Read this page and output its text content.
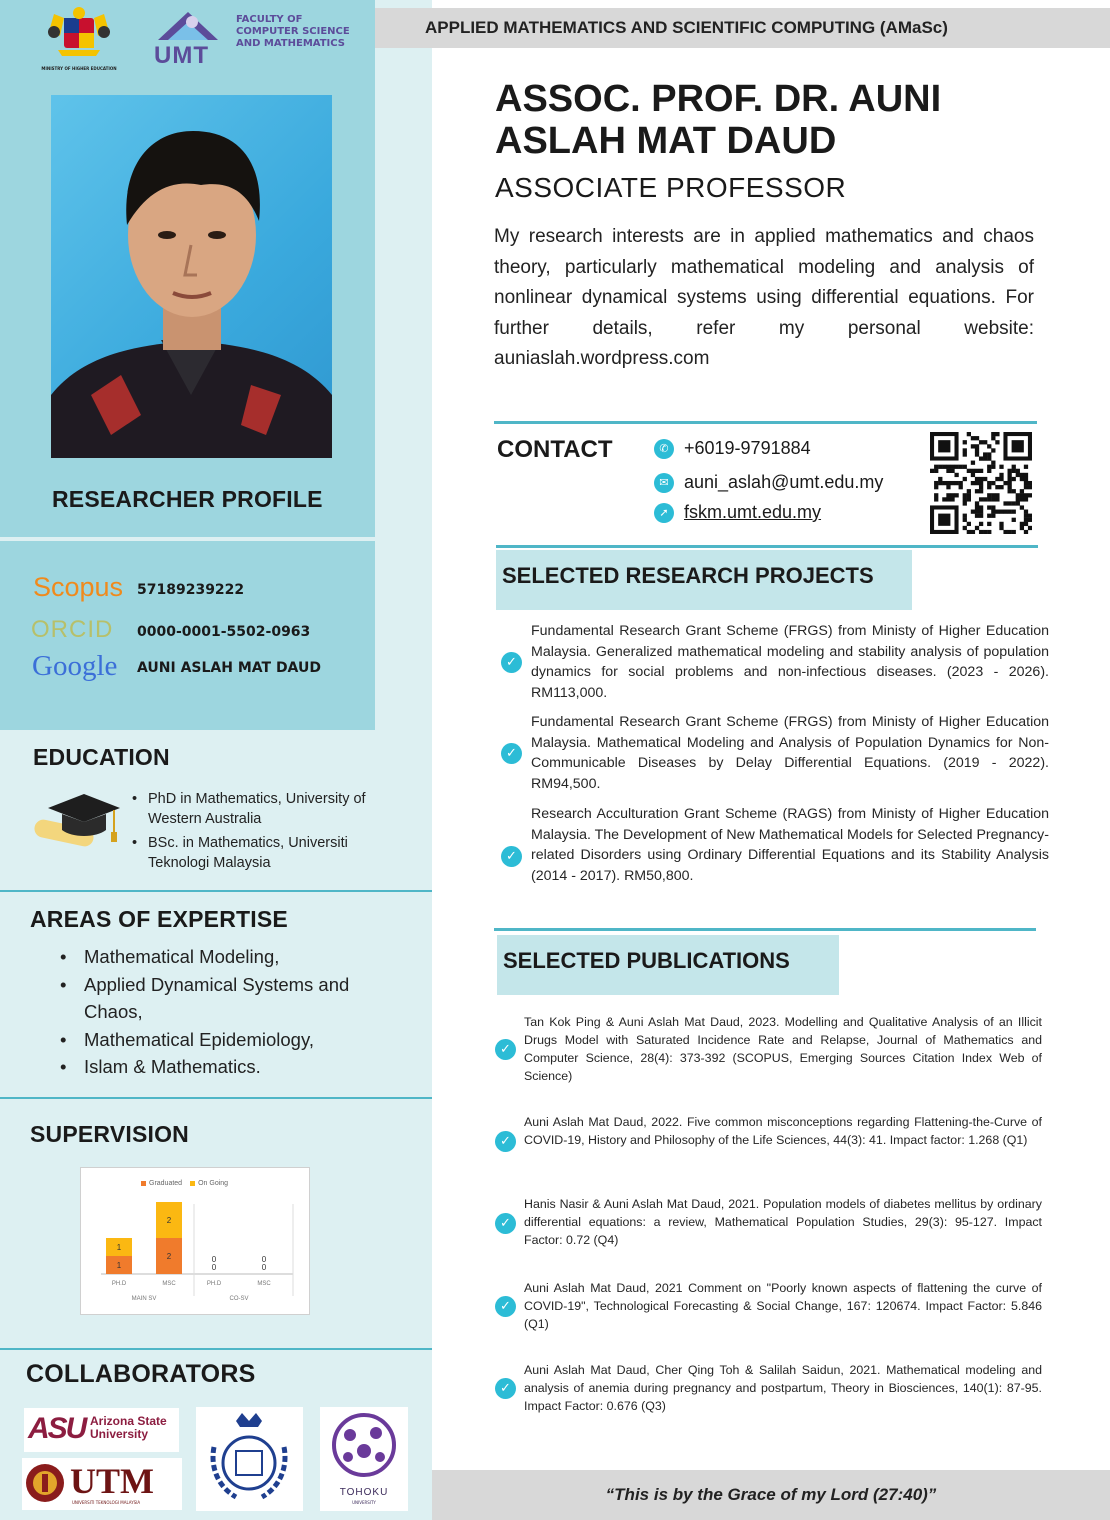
MINISTRY OF HIGHER EDUCATION UMT
FACULTY OF
COMPUTER SCIENCE
AND MATHEMATICS
RESEARCHER PROFILE
Scopus 57189239222
ORCID 0000-0001-5502-0963
Google AUNI ASLAH MAT DAUD
EDUCATION
• PhD in Mathematics, University of Western Australia
• BSc. in Mathematics, Universiti Teknologi Malaysia
AREAS OF EXPERTISE
• Mathematical Modeling,
• Applied Dynamical Systems and Chaos,
• Mathematical Epidemiology,
• Islam & Mathematics.
SUPERVISION
Graduated On Going
1
1
PH.D
2
2
MSC
0
0
PH.D
0
0
MSC
MAIN SV	CO-SV
COLLABORATORS
ASU Arizona State
University
UTM
UNIVERSITI TEKNOLOGI MALAYSIA
TOHOKU
UNIVERSITY
APPLIED MATHEMATICS AND SCIENTIFIC COMPUTING (AMaSc)
ASSOC. PROF. DR. AUNI ASLAH MAT DAUD
ASSOCIATE PROFESSOR
My research interests are in applied mathematics and chaos theory, particularly mathematical modeling and analysis of nonlinear dynamical systems using differential equations. For further details, refer my personal website: auniaslah.wordpress.com
CONTACT	✆ +6019-9791884
✉ auni_aslah@umt.edu.my
➚ fskm.umt.edu.my
SELECTED RESEARCH PROJECTS
✓
Fundamental Research Grant Scheme (FRGS) from Ministy of Higher Education Malaysia. Generalized mathematical modeling and stability analysis of population dynamics for social problems and non-infectious diseases. (2023 - 2026). RM113,000.
✓
Fundamental Research Grant Scheme (FRGS) from Ministy of Higher Education Malaysia. Mathematical Modeling and Analysis of Population Dynamics for Non-Communicable Diseases by Delay Differential Equations. (2019 - 2022). RM94,500.
✓
Research Acculturation Grant Scheme (RAGS) from Ministy of Higher Education Malaysia. The Development of New Mathematical Models for Selected Pregnancy-related Disorders using Ordinary Differential Equations and its Stability Analysis (2014 - 2017). RM50,800.
SELECTED PUBLICATIONS
✓
Tan Kok Ping & Auni Aslah Mat Daud, 2023. Modelling and Qualitative Analysis of an Illicit Drugs Model with Saturated Incidence Rate and Relapse, Journal of Mathematics and Computer Science, 28(4): 373-392 (SCOPUS, Emerging Sources Citation Index Web of Science)
✓
Auni Aslah Mat Daud, 2022. Five common misconceptions regarding Flattening-the-Curve of COVID-19, History and Philosophy of the Life Sciences, 44(3): 41. Impact factor: 1.268 (Q1)
✓
Hanis Nasir & Auni Aslah Mat Daud, 2021. Population models of diabetes mellitus by ordinary differential equations: a review, Mathematical Population Studies, 29(3): 95-127. Impact Factor: 0.72 (Q4)
✓
Auni Aslah Mat Daud, 2021 Comment on "Poorly known aspects of flattening the curve of COVID-19", Technological Forecasting & Social Change, 167: 120674. Impact Factor: 5.846 (Q1)
✓
Auni Aslah Mat Daud, Cher Qing Toh & Salilah Saidun, 2021. Mathematical modeling and analysis of anemia during pregnancy and postpartum, Theory in Biosciences, 140(1): 87-95. Impact Factor: 0.676 (Q3)
“This is by the Grace of my Lord (27:40)”
